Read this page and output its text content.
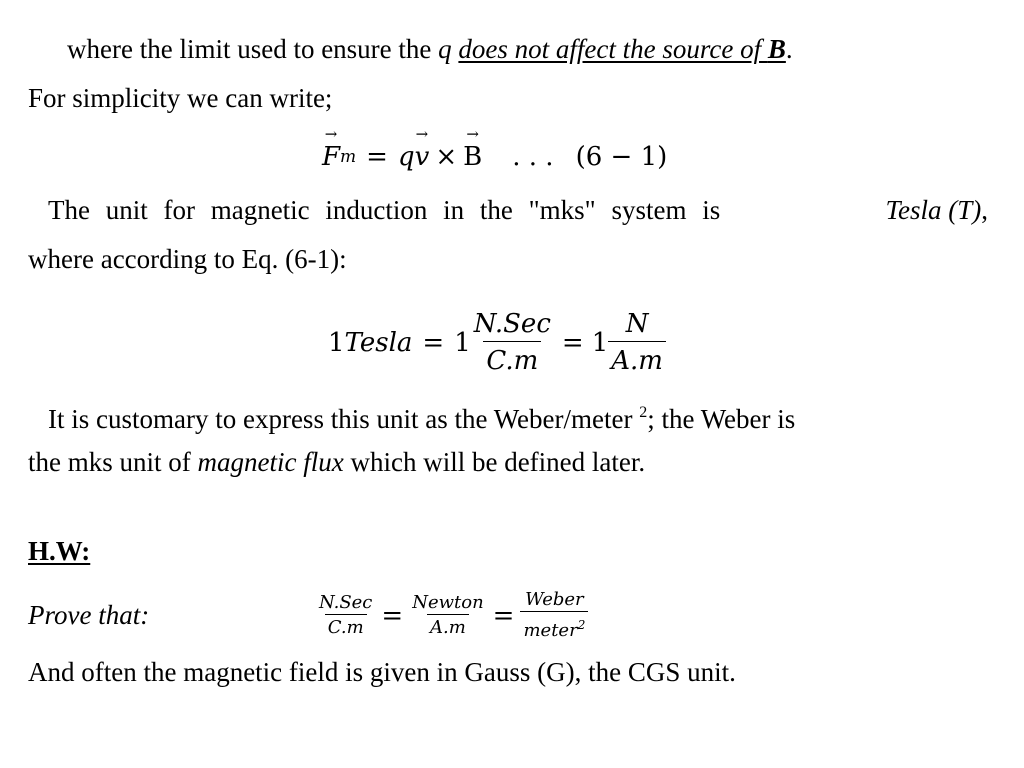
where the limit used to ensure the q does not affect the source of B.
For simplicity we can write;
→ F m = q → v × → B . . . (6 − 1)
The unit for magnetic induction in the "mks" system is	Tesla (T),
where according to Eq. (6-1):
1 Tesla = $1 \frac{\text{N.Sec}}{C.m} = 1 \frac{N}{A.m}$
It is customary to express this unit as the Weber/meter $^2$; the Weber is
the mks unit of magnetic flux which will be defined later.
H.W:
Prove that:	$\frac{\text{N.Sec}}{C.m} = \frac{\text{Newton}}{A.m} = \frac{\text{Weber}}{meter^2}$
And often the magnetic field is given in Gauss (G), the CGS unit.
